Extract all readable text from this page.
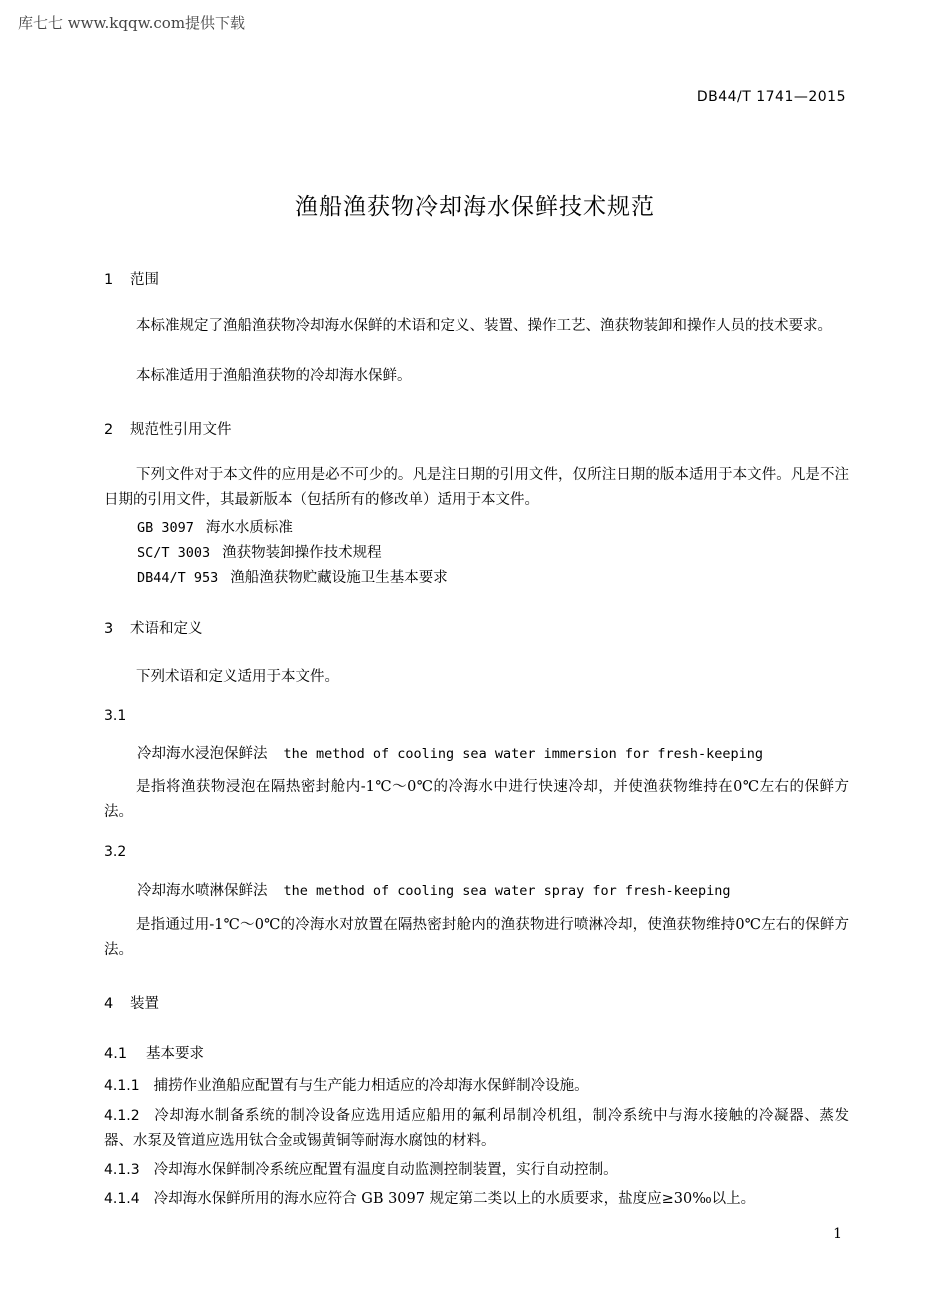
库七七 www.kqqw.com提供下载
DB44/T 1741—2015
渔船渔获物冷却海水保鲜技术规范
1 范围
本标准规定了渔船渔获物冷却海水保鲜的术语和定义、装置、操作工艺、渔获物装卸和操作人员的技术要求。
本标准适用于渔船渔获物的冷却海水保鲜。
2 规范性引用文件
下列文件对于本文件的应用是必不可少的。凡是注日期的引用文件，仅所注日期的版本适用于本文件。凡是不注日期的引用文件，其最新版本（包括所有的修改单）适用于本文件。
GB 3097 海水水质标准
SC/T 3003 渔获物装卸操作技术规程
DB44/T 953 渔船渔获物贮藏设施卫生基本要求
3 术语和定义
下列术语和定义适用于本文件。
3.1
冷却海水浸泡保鲜法 the method of cooling sea water immersion for fresh-keeping
是指将渔获物浸泡在隔热密封舱内-1℃～0℃的冷海水中进行快速冷却，并使渔获物维持在0℃左右的保鲜方法。
3.2
冷却海水喷淋保鲜法 the method of cooling sea water spray for fresh-keeping
是指通过用-1℃～0℃的冷海水对放置在隔热密封舱内的渔获物进行喷淋冷却，使渔获物维持0℃左右的保鲜方法。
4 装置
4.1 基本要求
4.1.1 捕捞作业渔船应配置有与生产能力相适应的冷却海水保鲜制冷设施。
4.1.2 冷却海水制备系统的制冷设备应选用适应船用的氟利昂制冷机组，制冷系统中与海水接触的冷凝器、蒸发器、水泵及管道应选用钛合金或锡黄铜等耐海水腐蚀的材料。
4.1.3 冷却海水保鲜制冷系统应配置有温度自动监测控制装置，实行自动控制。
4.1.4 冷却海水保鲜所用的海水应符合 GB 3097 规定第二类以上的水质要求，盐度应≥30‰以上。
1
